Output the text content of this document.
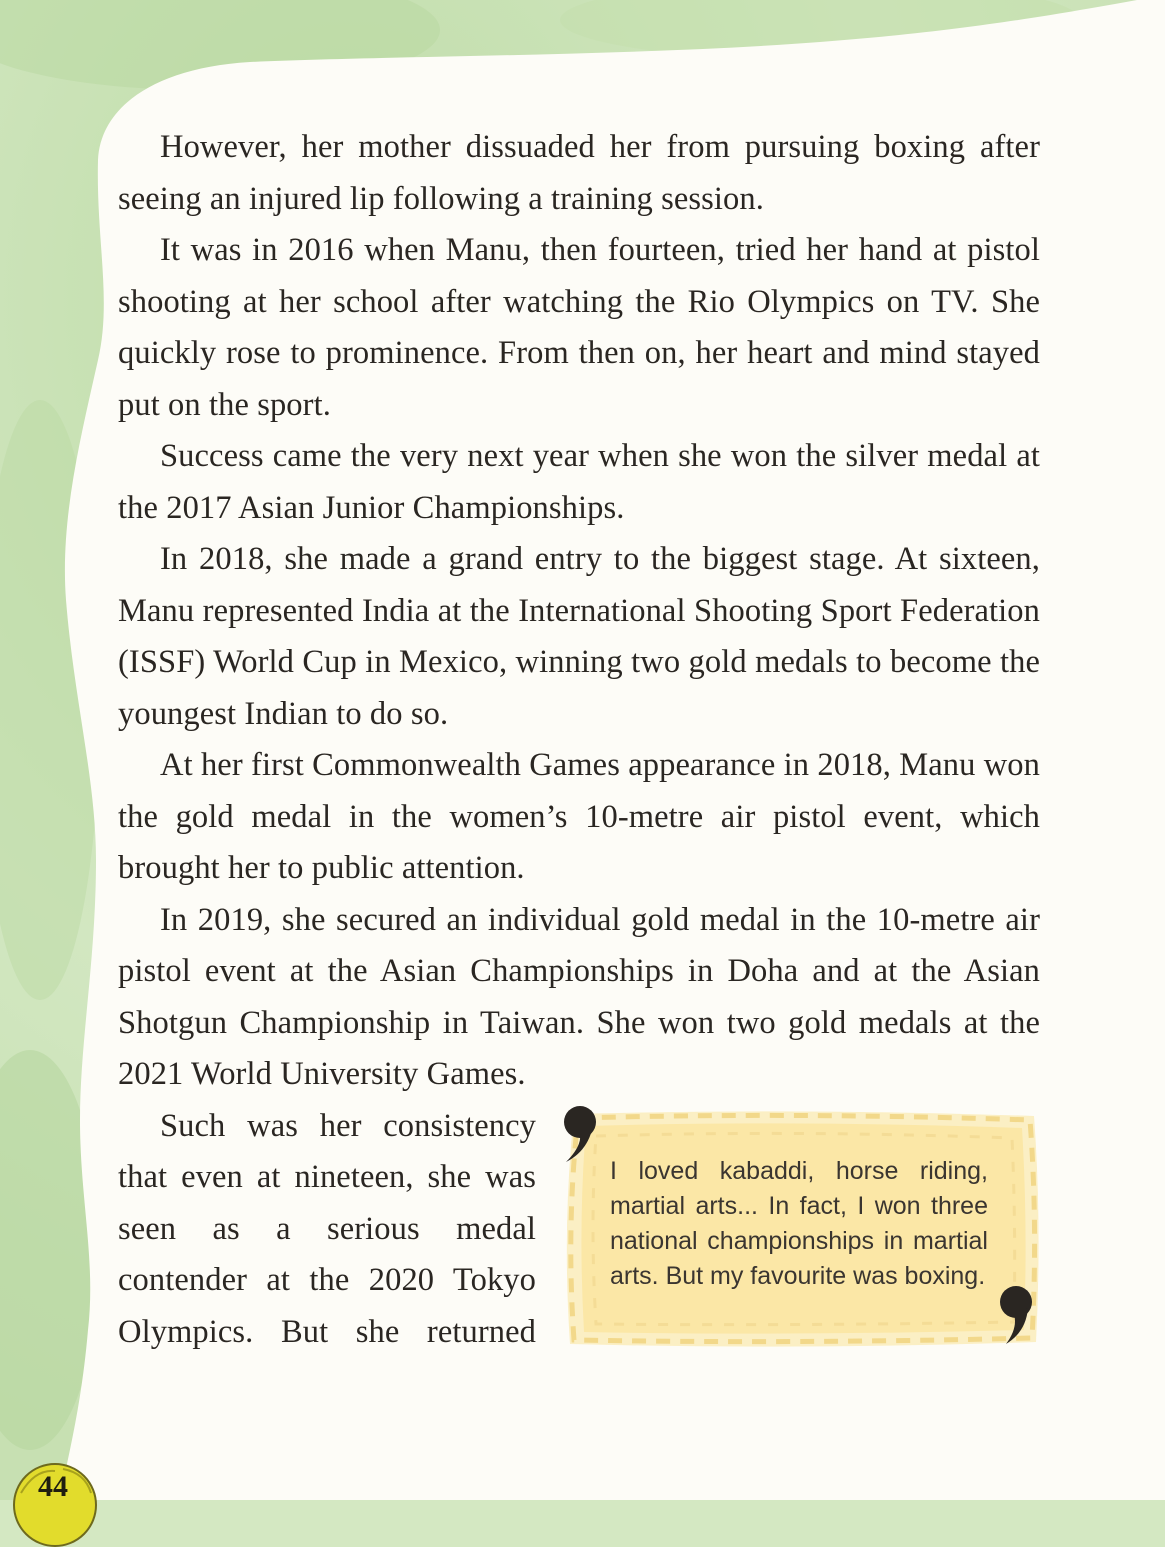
However, her mother dissuaded her from pursuing boxing after seeing an injured lip following a training session.

It was in 2016 when Manu, then fourteen, tried her hand at pistol shooting at her school after watching the Rio Olympics on TV. She quickly rose to prominence. From then on, her heart and mind stayed put on the sport.

Success came the very next year when she won the silver medal at the 2017 Asian Junior Championships.

In 2018, she made a grand entry to the biggest stage. At sixteen, Manu represented India at the International Shooting Sport Federation (ISSF) World Cup in Mexico, winning two gold medals to become the youngest Indian to do so.

At her first Commonwealth Games appearance in 2018, Manu won the gold medal in the women’s 10-metre air pistol event, which brought her to public attention.

In 2019, she secured an individual gold medal in the 10-metre air pistol event at the Asian Championships in Doha and at the Asian Shotgun Championship in Taiwan. She won two gold medals at the 2021 World University Games.

Such was her consistency that even at nineteen, she was seen as a serious medal contender at the 2020 Tokyo Olympics. But she returned

I loved kabaddi, horse riding, martial arts... In fact, I won three national championships in martial arts. But my favourite was boxing.
44
